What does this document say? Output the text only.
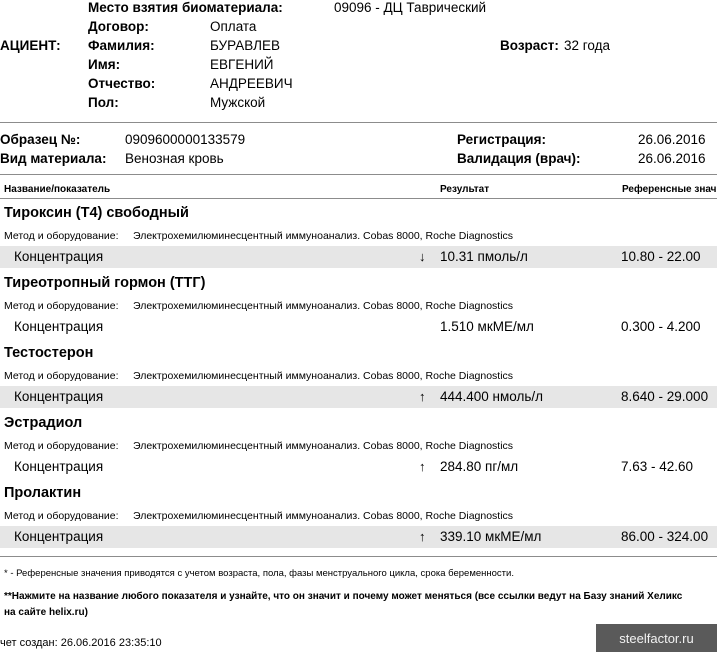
Место взятия биоматериала:	09096 - ДЦ Таврический
Договор:	Оплата
АЦИЕНТ: Фамилия:	БУРАВЛЕВ	Возраст: 32 года
Имя:	ЕВГЕНИЙ
Отчество:	АНДРЕЕВИЧ
Пол:	Мужской
Образец №:	0909600000133579	Регистрация:	26.06.2016
Вид материала: Венозная кровь	Валидация (врач):	26.06.2016
Название/показатель	Результат	Референсные знач
Тироксин (Т4) свободный
Метод и оборудование: Электрохемилюминесцентный иммуноанализ. Cobas 8000, Roche Diagnostics
Концентрация	↓ 10.31 пмоль/л	10.80 - 22.00
Тиреотропный гормон (ТТГ)
Метод и оборудование: Электрохемилюминесцентный иммуноанализ. Cobas 8000, Roche Diagnostics
Концентрация	1.510 мкМЕ/мл	0.300 - 4.200
Тестостерон
Метод и оборудование: Электрохемилюминесцентный иммуноанализ. Cobas 8000, Roche Diagnostics
Концентрация	↑ 444.400 нмоль/л	8.640 - 29.000
Эстрадиол
Метод и оборудование: Электрохемилюминесцентный иммуноанализ. Cobas 8000, Roche Diagnostics
Концентрация	↑ 284.80 пг/мл	7.63 - 42.60
Пролактин
Метод и оборудование: Электрохемилюминесцентный иммуноанализ. Cobas 8000, Roche Diagnostics
Концентрация	↑ 339.10 мкМЕ/мл	86.00 - 324.00
* - Референсные значения приводятся с учетом возраста, пола, фазы менструального цикла, срока беременности.
**Нажмите на название любого показателя и узнайте, что он значит и почему может меняться (все ссылки ведут на Базу знаний Хеликс
на сайте helix.ru)
чет создан: 26.06.2016 23:35:10	steelfactor.ru
